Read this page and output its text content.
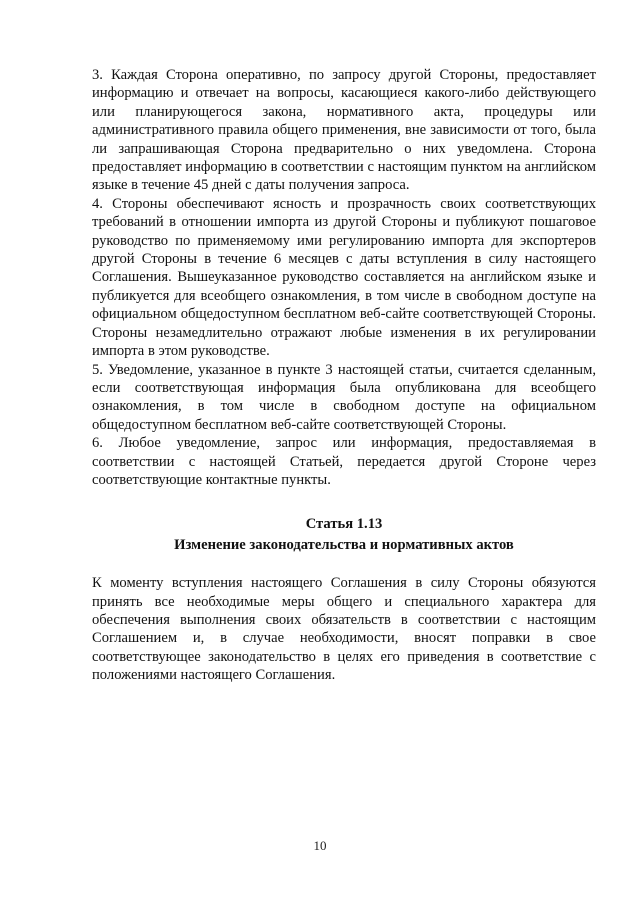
3. Каждая Сторона оперативно, по запросу другой Стороны, предоставляет информацию и отвечает на вопросы, касающиеся какого-либо действующего или планирующегося закона, нормативного акта, процедуры или административного правила общего применения, вне зависимости от того, была ли запрашивающая Сторона предварительно о них уведомлена. Сторона предоставляет информацию в соответствии с настоящим пунктом на английском языке в течение 45 дней с даты получения запроса.

4. Стороны обеспечивают ясность и прозрачность своих соответствующих требований в отношении импорта из другой Стороны и публикуют пошаговое руководство по применяемому ими регулированию импорта для экспортеров другой Стороны в течение 6 месяцев с даты вступления в силу настоящего Соглашения. Вышеуказанное руководство составляется на английском языке и публикуется для всеобщего ознакомления, в том числе в свободном доступе на официальном общедоступном бесплатном веб-сайте соответствующей Стороны. Стороны незамедлительно отражают любые изменения в их регулировании импорта в этом руководстве.

5. Уведомление, указанное в пункте 3 настоящей статьи, считается сделанным, если соответствующая информация была опубликована для всеобщего ознакомления, в том числе в свободном доступе на официальном общедоступном бесплатном веб-сайте соответствующей Стороны.

6. Любое уведомление, запрос или информация, предоставляемая в соответствии с настоящей Статьей, передается другой Стороне через соответствующие контактные пункты.

Статья 1.13

Изменение законодательства и нормативных актов

К моменту вступления настоящего Соглашения в силу Стороны обязуются принять все необходимые меры общего и специального характера для обеспечения выполнения своих обязательств в соответствии с настоящим Соглашением и, в случае необходимости, вносят поправки в свое соответствующее законодательство в целях его приведения в соответствие с положениями настоящего Соглашения.

10
